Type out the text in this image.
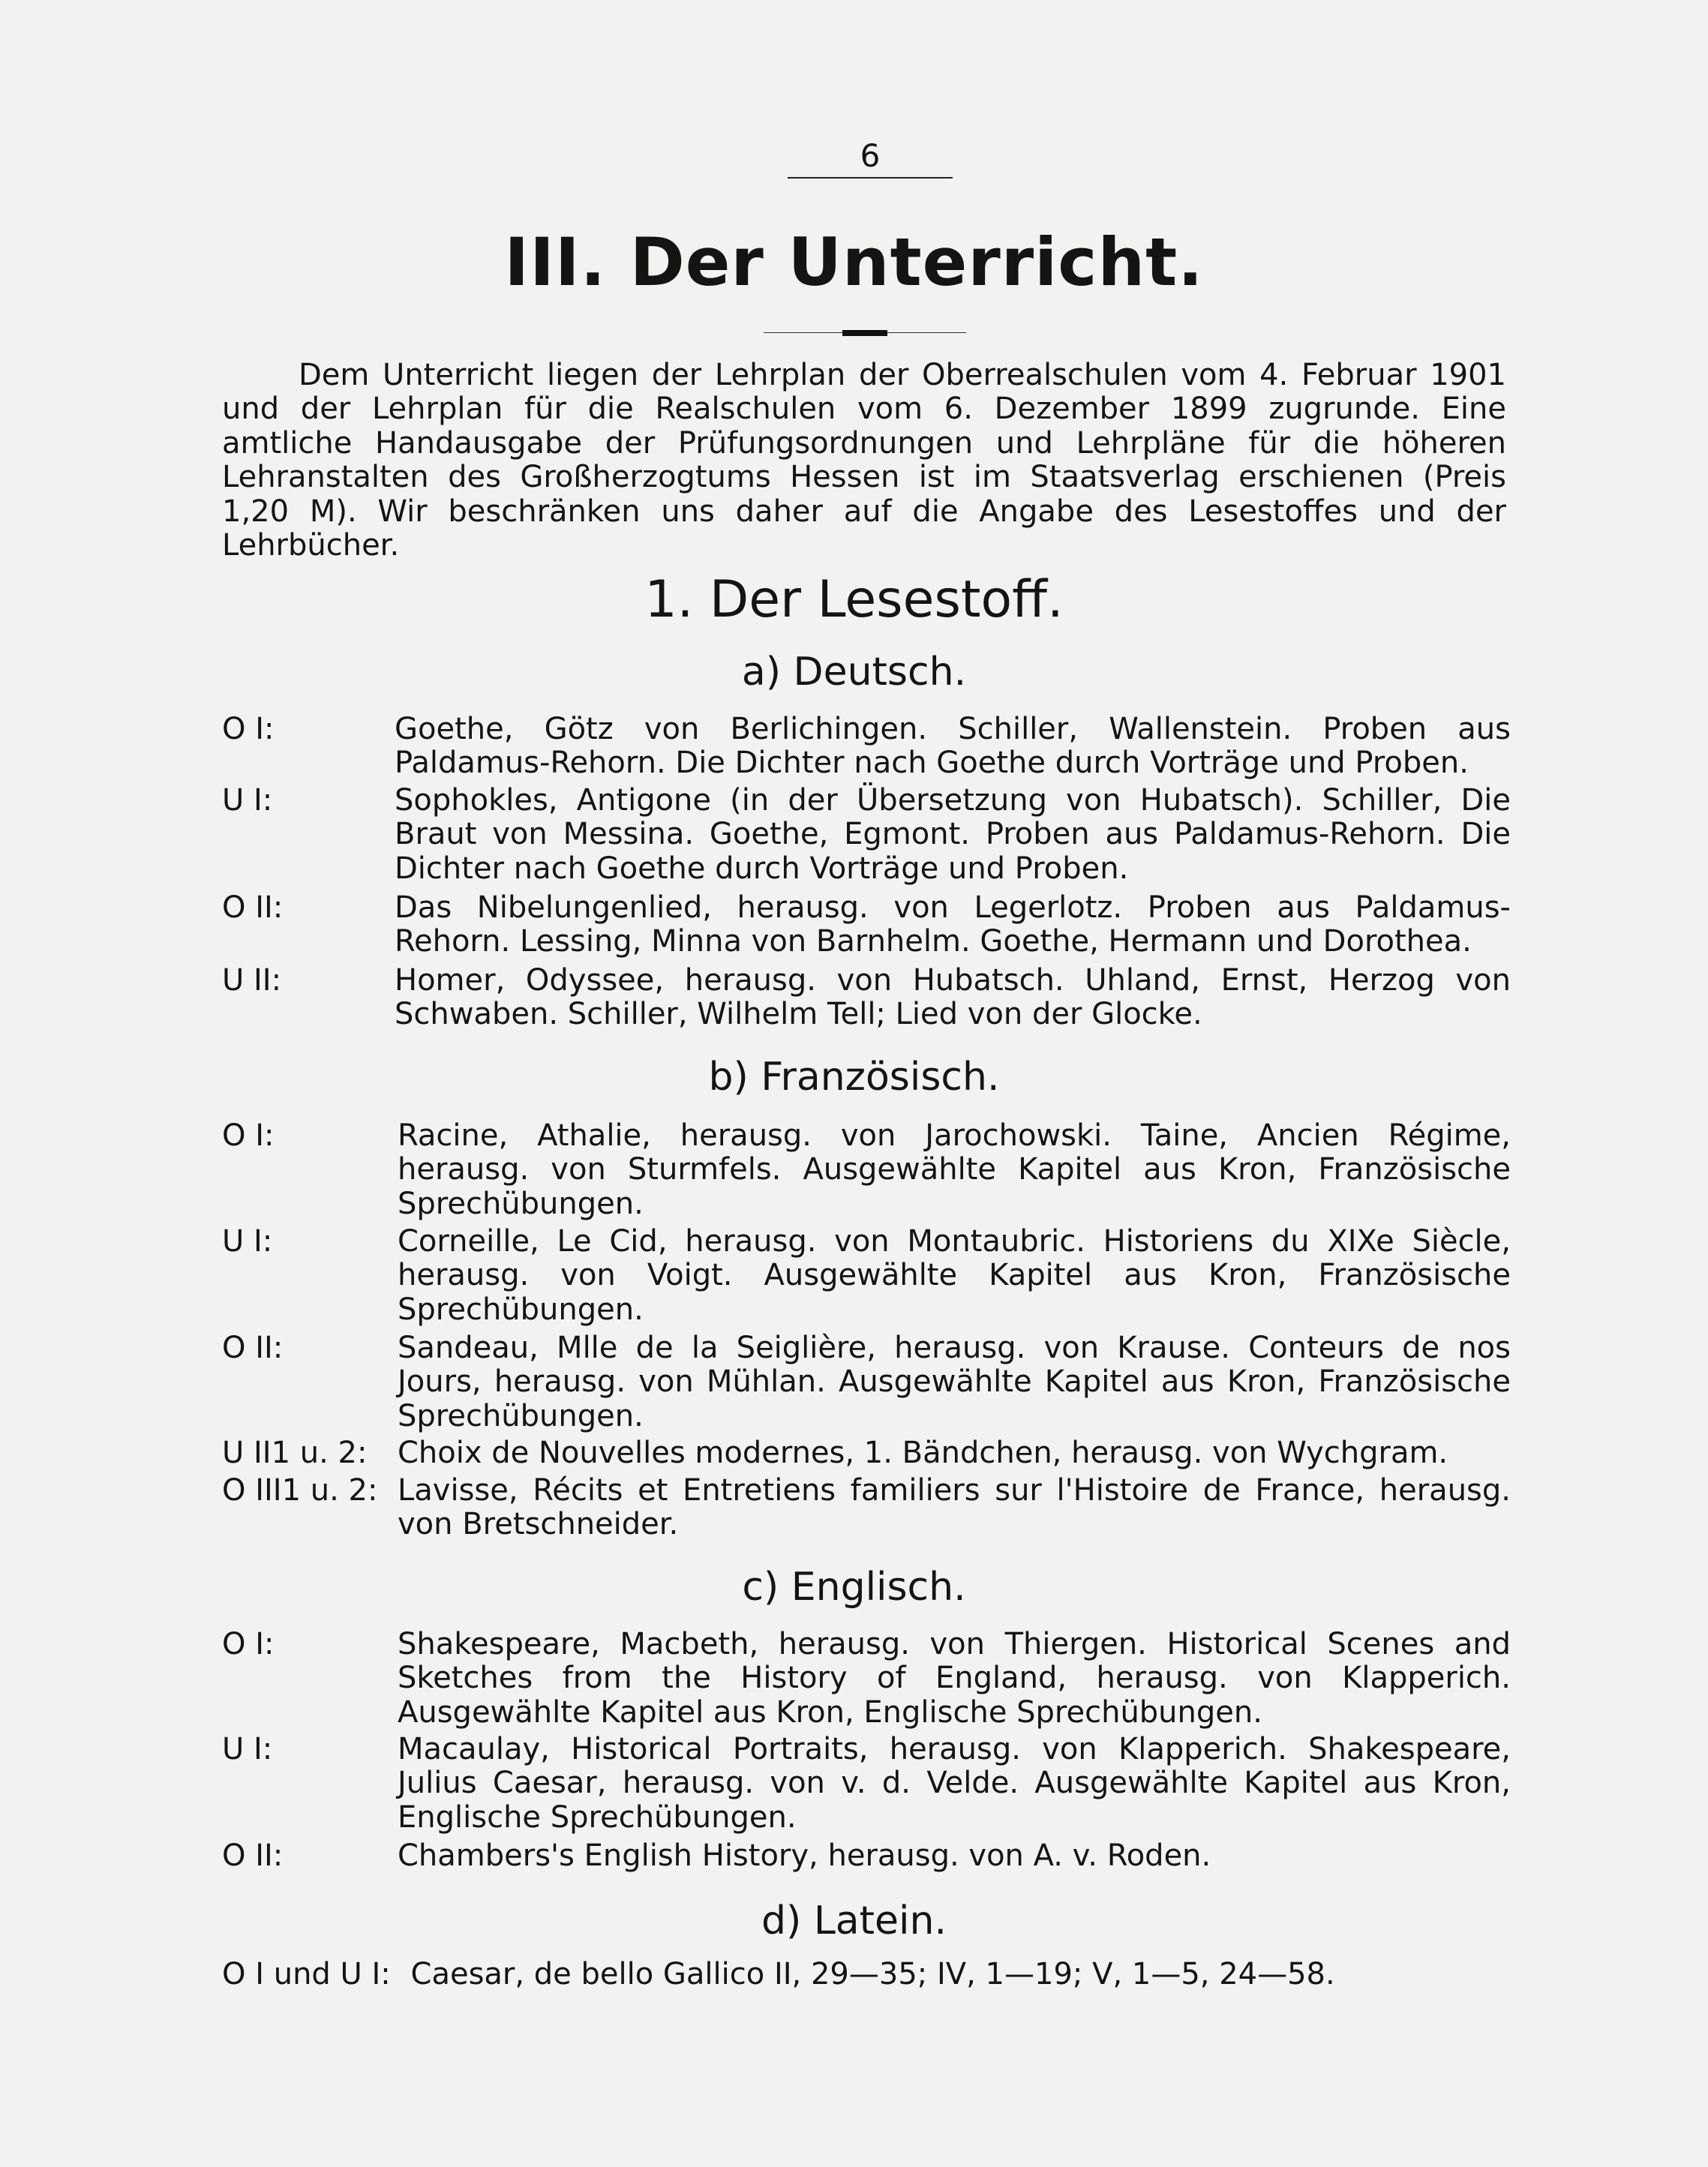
6
III. Der Unterricht.

Dem Unterricht liegen der Lehrplan der Oberrealschulen vom 4. Februar 1901 und der Lehrplan für die Realschulen vom 6. Dezember 1899 zugrunde. Eine amtliche Handausgabe der Prüfungsordnungen und Lehrpläne für die höheren Lehranstalten des Großherzogtums Hessen ist im Staatsverlag erschienen (Preis 1,20 M). Wir beschränken uns daher auf die Angabe des Lesestoffes und der Lehrbücher.

1. Der Lesestoff.
a) Deutsch.
O I:	Goethe, Götz von Berlichingen. Schiller, Wallenstein. Proben aus Paldamus-Rehorn. Die Dichter nach Goethe durch Vorträge und Proben.

U I:	Sophokles, Antigone (in der Übersetzung von Hubatsch). Schiller, Die Braut von Messina. Goethe, Egmont. Proben aus Paldamus-Rehorn. Die Dichter nach Goethe durch Vorträge und Proben.

O II:	Das Nibelungenlied, herausg. von Legerlotz. Proben aus Paldamus-Rehorn. Lessing, Minna von Barnhelm. Goethe, Hermann und Dorothea.

U II:	Homer, Odyssee, herausg. von Hubatsch. Uhland, Ernst, Herzog von Schwaben. Schiller, Wilhelm Tell; Lied von der Glocke.

b) Französisch.
O I:	Racine, Athalie, herausg. von Jarochowski. Taine, Ancien Régime, herausg. von Sturmfels. Ausgewählte Kapitel aus Kron, Französische Sprechübungen.

U I:	Corneille, Le Cid, herausg. von Montaubric. Historiens du XIXe Siècle, herausg. von Voigt. Ausgewählte Kapitel aus Kron, Französische Sprechübungen.

O II:	Sandeau, Mlle de la Seiglière, herausg. von Krause. Conteurs de nos Jours, herausg. von Mühlan. Ausgewählte Kapitel aus Kron, Französische Sprechübungen.

U II1 u. 2:	Choix de Nouvelles modernes, 1. Bändchen, herausg. von Wychgram.

O III1 u. 2: Lavisse, Récits et Entretiens familiers sur l'Histoire de France, herausg. von Bretschneider.

c) Englisch.
O I:	Shakespeare, Macbeth, herausg. von Thiergen. Historical Scenes and Sketches from the History of England, herausg. von Klapperich. Ausgewählte Kapitel aus Kron, Englische Sprechübungen.

U I:	Macaulay, Historical Portraits, herausg. von Klapperich. Shakespeare, Julius Caesar, herausg. von v. d. Velde. Ausgewählte Kapitel aus Kron, Englische Sprechübungen.

O II:	Chambers's English History, herausg. von A. v. Roden.

d) Latein.
O I und U I: Caesar, de bello Gallico II, 29—35; IV, 1—19; V, 1—5, 24—58.
